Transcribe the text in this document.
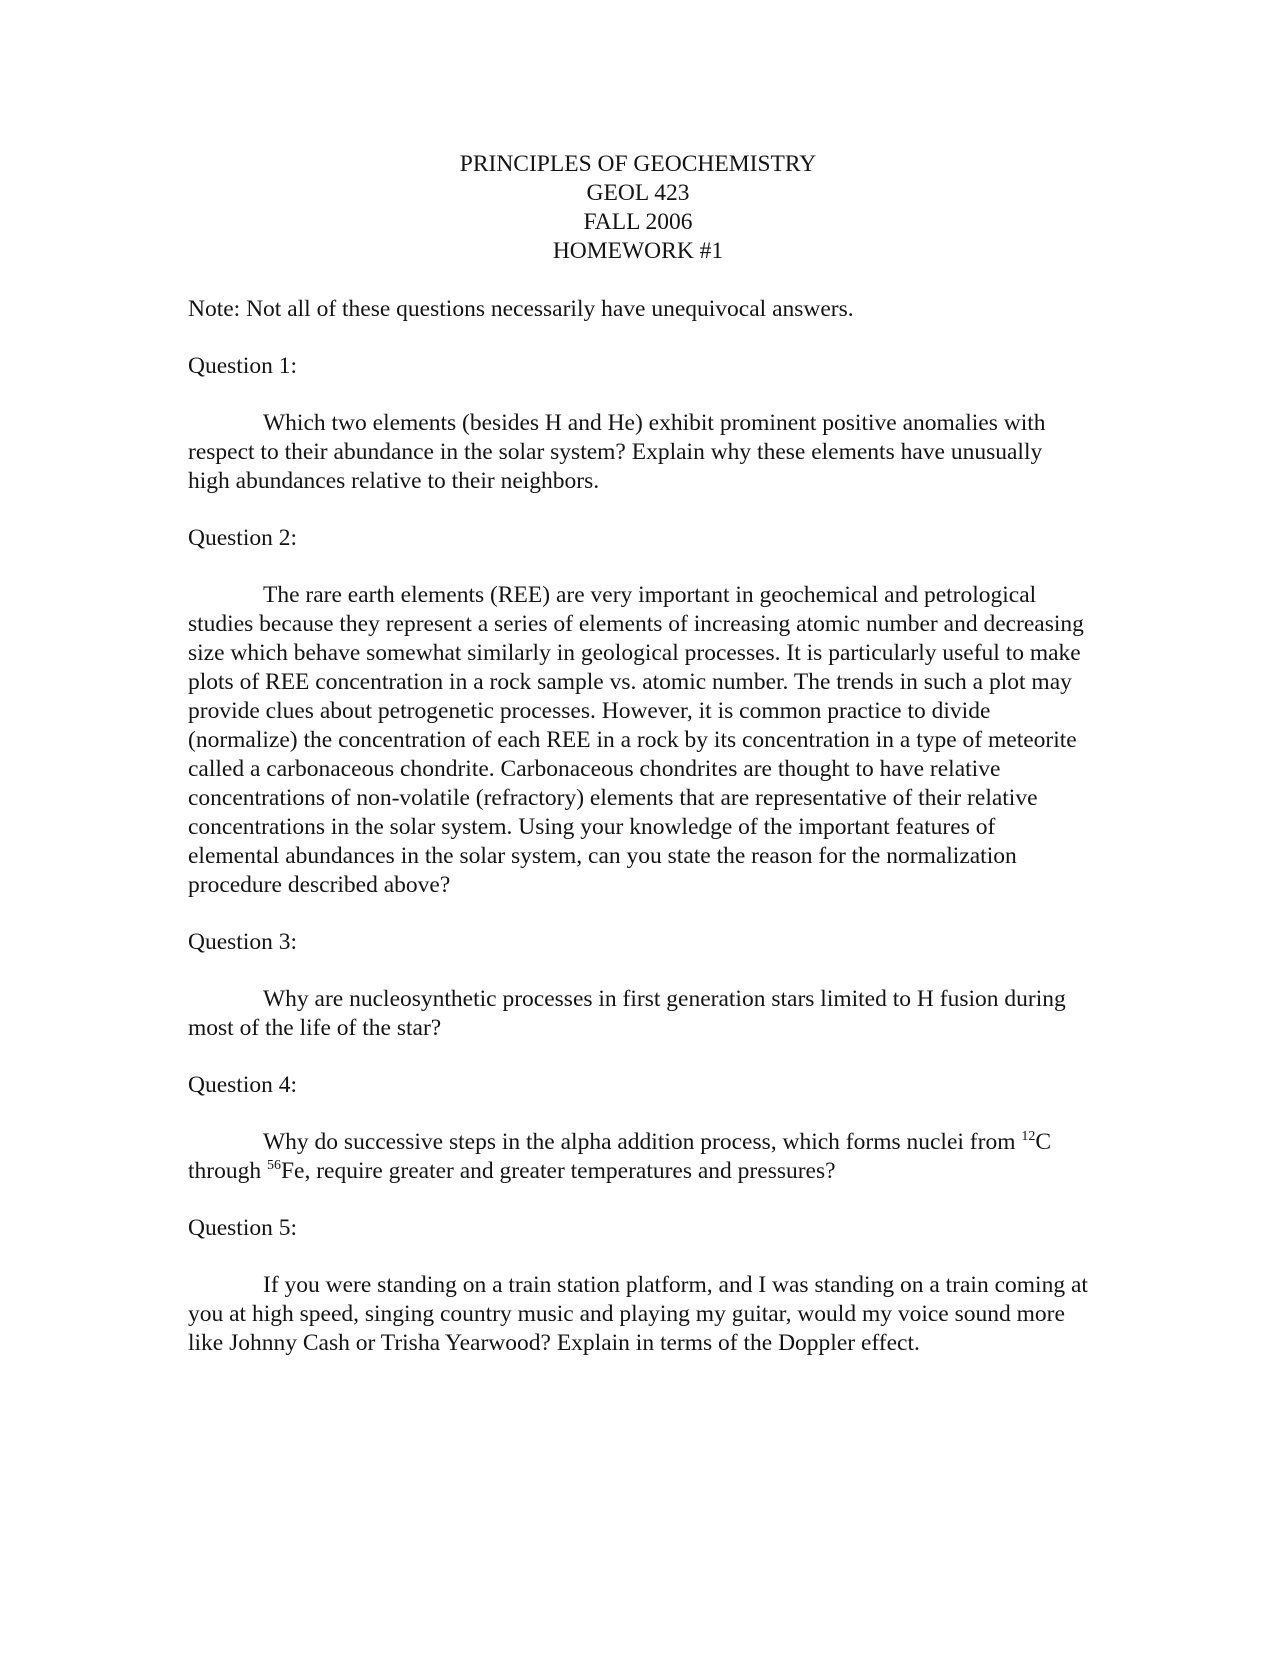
PRINCIPLES OF GEOCHEMISTRY
GEOL 423
FALL 2006
HOMEWORK #1

Note: Not all of these questions necessarily have unequivocal answers.

Question 1:

Which two elements (besides H and He) exhibit prominent positive anomalies with respect to their abundance in the solar system? Explain why these elements have unusually high abundances relative to their neighbors.

Question 2:

The rare earth elements (REE) are very important in geochemical and petrological studies because they represent a series of elements of increasing atomic number and decreasing size which behave somewhat similarly in geological processes. It is particularly useful to make plots of REE concentration in a rock sample vs. atomic number. The trends in such a plot may provide clues about petrogenetic processes. However, it is common practice to divide (normalize) the concentration of each REE in a rock by its concentration in a type of meteorite called a carbonaceous chondrite. Carbonaceous chondrites are thought to have relative concentrations of non-volatile (refractory) elements that are representative of their relative concentrations in the solar system. Using your knowledge of the important features of elemental abundances in the solar system, can you state the reason for the normalization procedure described above?

Question 3:

Why are nucleosynthetic processes in first generation stars limited to H fusion during most of the life of the star?

Question 4:

Why do successive steps in the alpha addition process, which forms nuclei from $^{12}$C through $^{56}$Fe, require greater and greater temperatures and pressures?

Question 5:

If you were standing on a train station platform, and I was standing on a train coming at you at high speed, singing country music and playing my guitar, would my voice sound more like Johnny Cash or Trisha Yearwood? Explain in terms of the Doppler effect.
